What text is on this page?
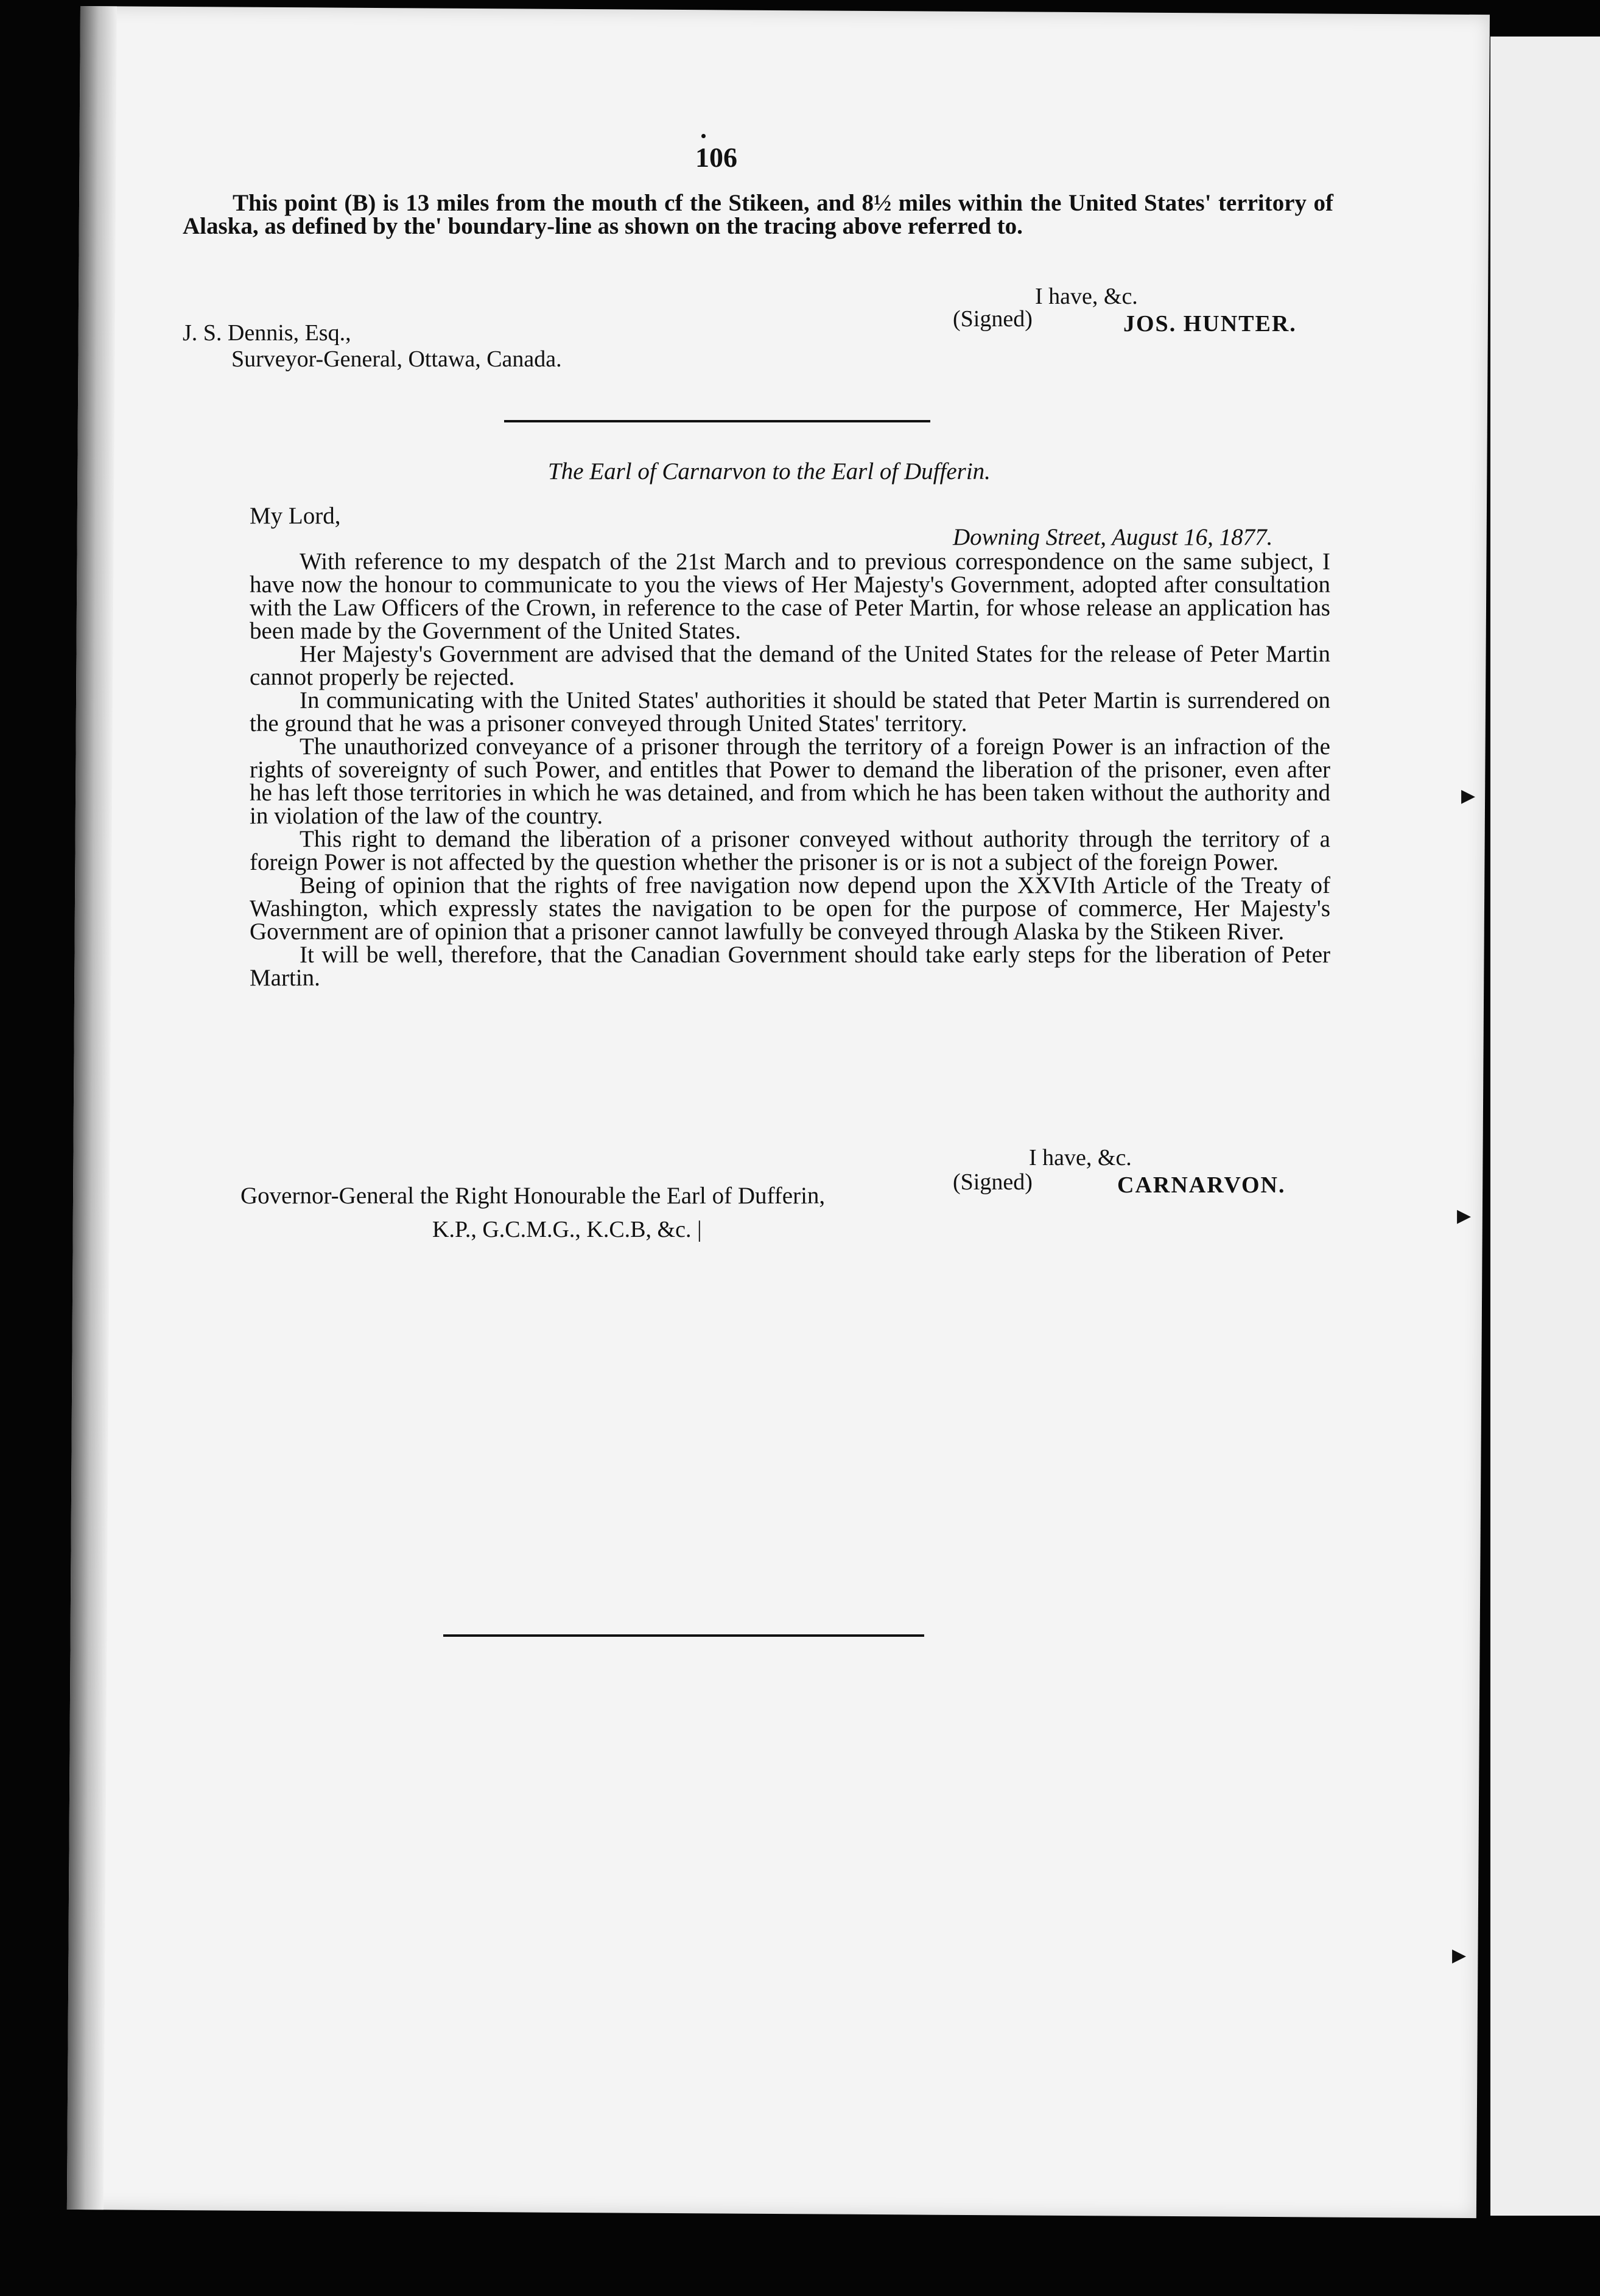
106

This point (B) is 13 miles from the mouth cf the Stikeen, and 8½ miles within the United States' territory of Alaska, as defined by the' boundary-line as shown on the tracing above referred to.

I have, &c.
(Signed)	JOS. HUNTER.
J. S. Dennis, Esq.,
Surveyor-General, Ottawa, Canada.
The Earl of Carnarvon to the Earl of Dufferin.
My Lord,
Downing Street, August 16, 1877.

With reference to my despatch of the 21st March and to previous correspondence on the same subject, I have now the honour to communicate to you the views of Her Majesty's Government, adopted after consultation with the Law Officers of the Crown, in reference to the case of Peter Martin, for whose release an application has been made by the Government of the United States.

Her Majesty's Government are advised that the demand of the United States for the release of Peter Martin cannot properly be rejected.

In communicating with the United States' authorities it should be stated that Peter Martin is surrendered on the ground that he was a prisoner conveyed through United States' territory.

The unauthorized conveyance of a prisoner through the territory of a foreign Power is an infraction of the rights of sovereignty of such Power, and entitles that Power to demand the liberation of the prisoner, even after he has left those territories in which he was detained, and from which he has been taken without the authority and in violation of the law of the country.

This right to demand the liberation of a prisoner conveyed without authority through the territory of a foreign Power is not affected by the question whether the prisoner is or is not a subject of the foreign Power.

Being of opinion that the rights of free navigation now depend upon the XXVIth Article of the Treaty of Washington, which expressly states the navigation to be open for the purpose of commerce, Her Majesty's Government are of opinion that a prisoner cannot lawfully be conveyed through Alaska by the Stikeen River.

It will be well, therefore, that the Canadian Government should take early steps for the liberation of Peter Martin.

I have, &c.
(Signed)	CARNARVON.
Governor-General the Right Honourable the Earl of Dufferin,
K.P., G.C.M.G., K.C.B, &c. |
▶
▶
▶
